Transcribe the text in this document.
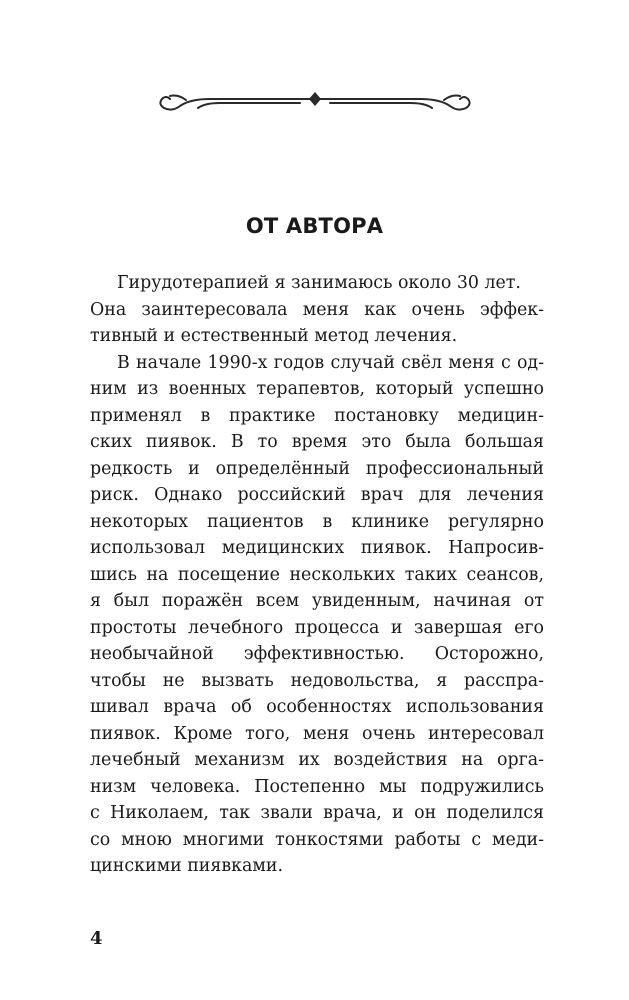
ОТ АВТОРА
Гирудотерапией я занимаюсь около 30 лет.
Она заинтересовала меня как очень эффек-
тивный и естественный метод лечения.
В начале 1990-х годов случай свёл меня с од-
ним из военных терапевтов, который успешно
применял в практике постановку медицин-
ских пиявок. В то время это была большая
редкость и определённый профессиональный
риск. Однако российский врач для лечения
некоторых пациентов в клинике регулярно
использовал медицинских пиявок. Напросив-
шись на посещение нескольких таких сеансов,
я был поражён всем увиденным, начиная от
простоты лечебного процесса и завершая его
необычайной эффективностью. Осторожно,
чтобы не вызвать недовольства, я расспра-
шивал врача об особенностях использования
пиявок. Кроме того, меня очень интересовал
лечебный механизм их воздействия на орга-
низм человека. Постепенно мы подружились
с Николаем, так звали врача, и он поделился
со мною многими тонкостями работы с меди-
цинскими пиявками.
4
